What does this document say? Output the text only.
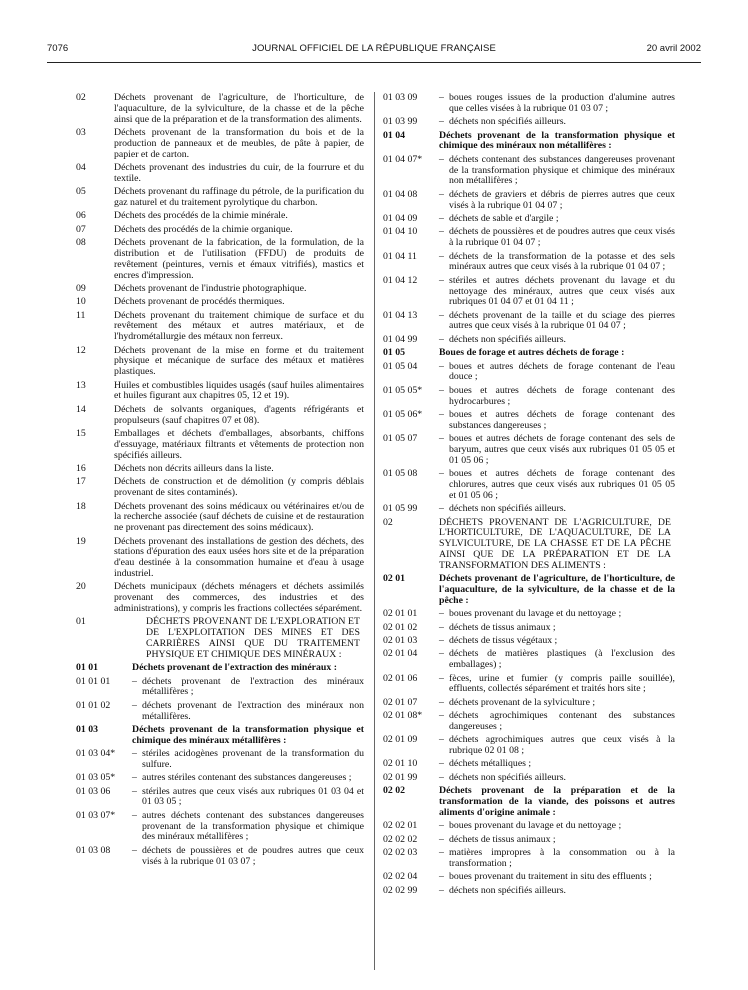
7076	JOURNAL OFFICIEL DE LA RÉPUBLIQUE FRANÇAISE	20 avril 2002
02	Déchets provenant de l'agriculture, de l'horticulture, de l'aquaculture, de la sylviculture, de la chasse et de la pêche ainsi que de la préparation et de la transformation des aliments.
03	Déchets provenant de la transformation du bois et de la production de panneaux et de meubles, de pâte à papier, de papier et de carton.
04	Déchets provenant des industries du cuir, de la fourrure et du textile.
05	Déchets provenant du raffinage du pétrole, de la purification du gaz naturel et du traitement pyrolytique du charbon.
06	Déchets des procédés de la chimie minérale.
07	Déchets des procédés de la chimie organique.
08	Déchets provenant de la fabrication, de la formulation, de la distribution et de l'utilisation (FFDU) de produits de revêtement (peintures, vernis et émaux vitrifiés), mastics et encres d'impression.
09	Déchets provenant de l'industrie photographique.
10	Déchets provenant de procédés thermiques.
11	Déchets provenant du traitement chimique de surface et du revêtement des métaux et autres matériaux, et de l'hydrométallurgie des métaux non ferreux.
12	Déchets provenant de la mise en forme et du traitement physique et mécanique de surface des métaux et matières plastiques.
13	Huiles et combustibles liquides usagés (sauf huiles alimentaires et huiles figurant aux chapitres 05, 12 et 19).
14	Déchets de solvants organiques, d'agents réfrigérants et propulseurs (sauf chapitres 07 et 08).
15	Emballages et déchets d'emballages, absorbants, chiffons d'essuyage, matériaux filtrants et vêtements de protection non spécifiés ailleurs.
16	Déchets non décrits ailleurs dans la liste.
17	Déchets de construction et de démolition (y compris déblais provenant de sites contaminés).
18	Déchets provenant des soins médicaux ou vétérinaires et/ou de la recherche associée (sauf déchets de cuisine et de restauration ne provenant pas directement des soins médicaux).
19	Déchets provenant des installations de gestion des déchets, des stations d'épuration des eaux usées hors site et de la préparation d'eau destinée à la consommation humaine et d'eau à usage industriel.
20	Déchets municipaux (déchets ménagers et déchets assimilés provenant des commerces, des industries et des administrations), y compris les fractions collectées séparément.
01	DÉCHETS PROVENANT DE L'EXPLORATION ET DE L'EXPLOITATION DES MINES ET DES CARRIÈRES AINSI QUE DU TRAITEMENT PHYSIQUE ET CHIMIQUE DES MINÉRAUX :
01 01	Déchets provenant de l'extraction des minéraux :
01 01 01	– déchets provenant de l'extraction des minéraux métallifères ;
01 01 02	– déchets provenant de l'extraction des minéraux non métallifères.
01 03	Déchets provenant de la transformation physique et chimique des minéraux métallifères :
01 03 04*	– stériles acidogènes provenant de la transformation du sulfure.
01 03 05*	– autres stériles contenant des substances dangereuses ;
01 03 06	– stériles autres que ceux visés aux rubriques 01 03 04 et 01 03 05 ;
01 03 07*	– autres déchets contenant des substances dangereuses provenant de la transformation physique et chimique des minéraux métallifères ;
01 03 08	– déchets de poussières et de poudres autres que ceux visés à la rubrique 01 03 07 ;
01 03 09	– boues rouges issues de la production d'alumine autres que celles visées à la rubrique 01 03 07 ;
01 03 99	– déchets non spécifiés ailleurs.
01 04	Déchets provenant de la transformation physique et chimique des minéraux non métallifères :
01 04 07*	– déchets contenant des substances dangereuses provenant de la transformation physique et chimique des minéraux non métallifères ;
01 04 08	– déchets de graviers et débris de pierres autres que ceux visés à la rubrique 01 04 07 ;
01 04 09	– déchets de sable et d'argile ;
01 04 10	– déchets de poussières et de poudres autres que ceux visés à la rubrique 01 04 07 ;
01 04 11	– déchets de la transformation de la potasse et des sels minéraux autres que ceux visés à la rubrique 01 04 07 ;
01 04 12	– stériles et autres déchets provenant du lavage et du nettoyage des minéraux, autres que ceux visés aux rubriques 01 04 07 et 01 04 11 ;
01 04 13	– déchets provenant de la taille et du sciage des pierres autres que ceux visés à la rubrique 01 04 07 ;
01 04 99	– déchets non spécifiés ailleurs.
01 05	Boues de forage et autres déchets de forage :
01 05 04	– boues et autres déchets de forage contenant de l'eau douce ;
01 05 05*	– boues et autres déchets de forage contenant des hydrocarbures ;
01 05 06*	– boues et autres déchets de forage contenant des substances dangereuses ;
01 05 07	– boues et autres déchets de forage contenant des sels de baryum, autres que ceux visés aux rubriques 01 05 05 et 01 05 06 ;
01 05 08	– boues et autres déchets de forage contenant des chlorures, autres que ceux visés aux rubriques 01 05 05 et 01 05 06 ;
01 05 99	– déchets non spécifiés ailleurs.
02	DÉCHETS PROVENANT DE L'AGRICULTURE, DE L'HORTICULTURE, DE L'AQUACULTURE, DE LA SYLVICULTURE, DE LA CHASSE ET DE LA PÊCHE AINSI QUE DE LA PRÉPARATION ET DE LA TRANSFORMATION DES ALIMENTS :
02 01	Déchets provenant de l'agriculture, de l'horticulture, de l'aquaculture, de la sylviculture, de la chasse et de la pêche :
02 01 01	– boues provenant du lavage et du nettoyage ;
02 01 02	– déchets de tissus animaux ;
02 01 03	– déchets de tissus végétaux ;
02 01 04	– déchets de matières plastiques (à l'exclusion des emballages) ;
02 01 06	– fèces, urine et fumier (y compris paille souillée), effluents, collectés séparément et traités hors site ;
02 01 07	– déchets provenant de la sylviculture ;
02 01 08*	– déchets agrochimiques contenant des substances dangereuses ;
02 01 09	– déchets agrochimiques autres que ceux visés à la rubrique 02 01 08 ;
02 01 10	– déchets métalliques ;
02 01 99	– déchets non spécifiés ailleurs.
02 02	Déchets provenant de la préparation et de la transformation de la viande, des poissons et autres aliments d'origine animale :
02 02 01	– boues provenant du lavage et du nettoyage ;
02 02 02	– déchets de tissus animaux ;
02 02 03	– matières impropres à la consommation ou à la transformation ;
02 02 04	– boues provenant du traitement in situ des effluents ;
02 02 99	– déchets non spécifiés ailleurs.
